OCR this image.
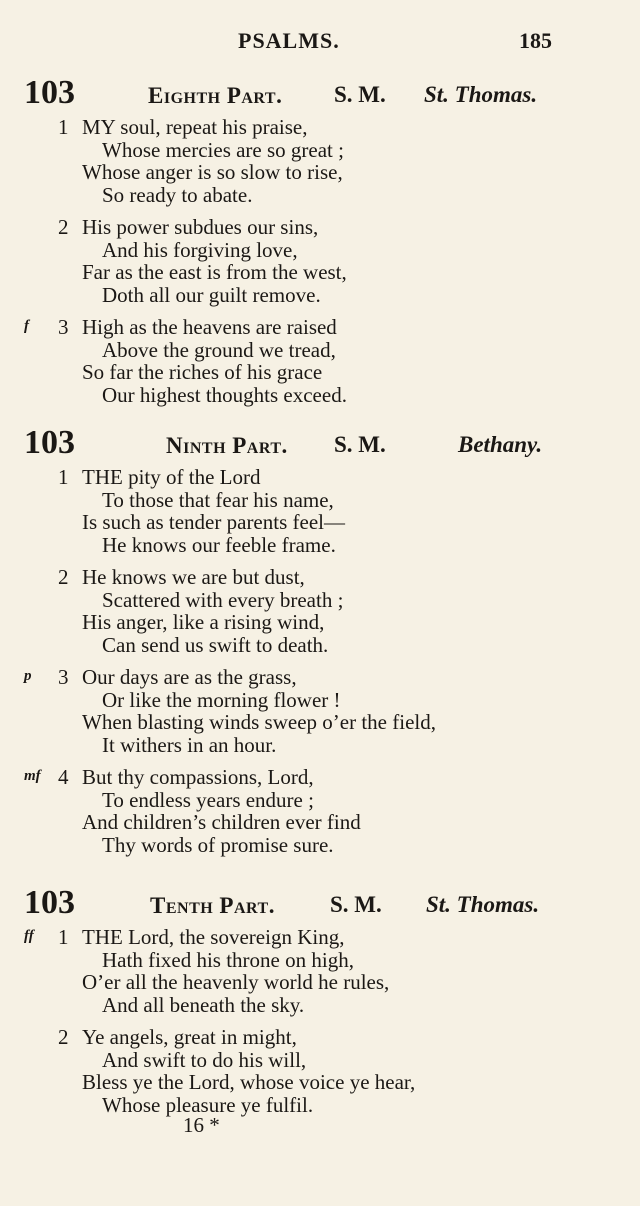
PSALMS.	185
103	Eighth Part. S. M. St. Thomas.
1 MY soul, repeat his praise,
Whose mercies are so great ;
Whose anger is so slow to rise,
So ready to abate.
2 His power subdues our sins,
And his forgiving love,
Far as the east is from the west,
Doth all our guilt remove.
f 3 High as the heavens are raised
Above the ground we tread,
So far the riches of his grace
Our highest thoughts exceed.
103	Ninth Part. S. M.	Bethany.
1 THE pity of the Lord
To those that fear his name,
Is such as tender parents feel—
He knows our feeble frame.
2 He knows we are but dust,
Scattered with every breath ;
His anger, like a rising wind,
Can send us swift to death.
p 3 Our days are as the grass,
Or like the morning flower !
When blasting winds sweep o’er the field,
It withers in an hour.
mf 4 But thy compassions, Lord,
To endless years endure ;
And children’s children ever find
Thy words of promise sure.
103	Tenth Part. S. M. St. Thomas.
ff 1 THE Lord, the sovereign King,
Hath fixed his throne on high,
O’er all the heavenly world he rules,
And all beneath the sky.
2 Ye angels, great in might,
And swift to do his will,
Bless ye the Lord, whose voice ye hear,
Whose pleasure ye fulfil.
16 *
